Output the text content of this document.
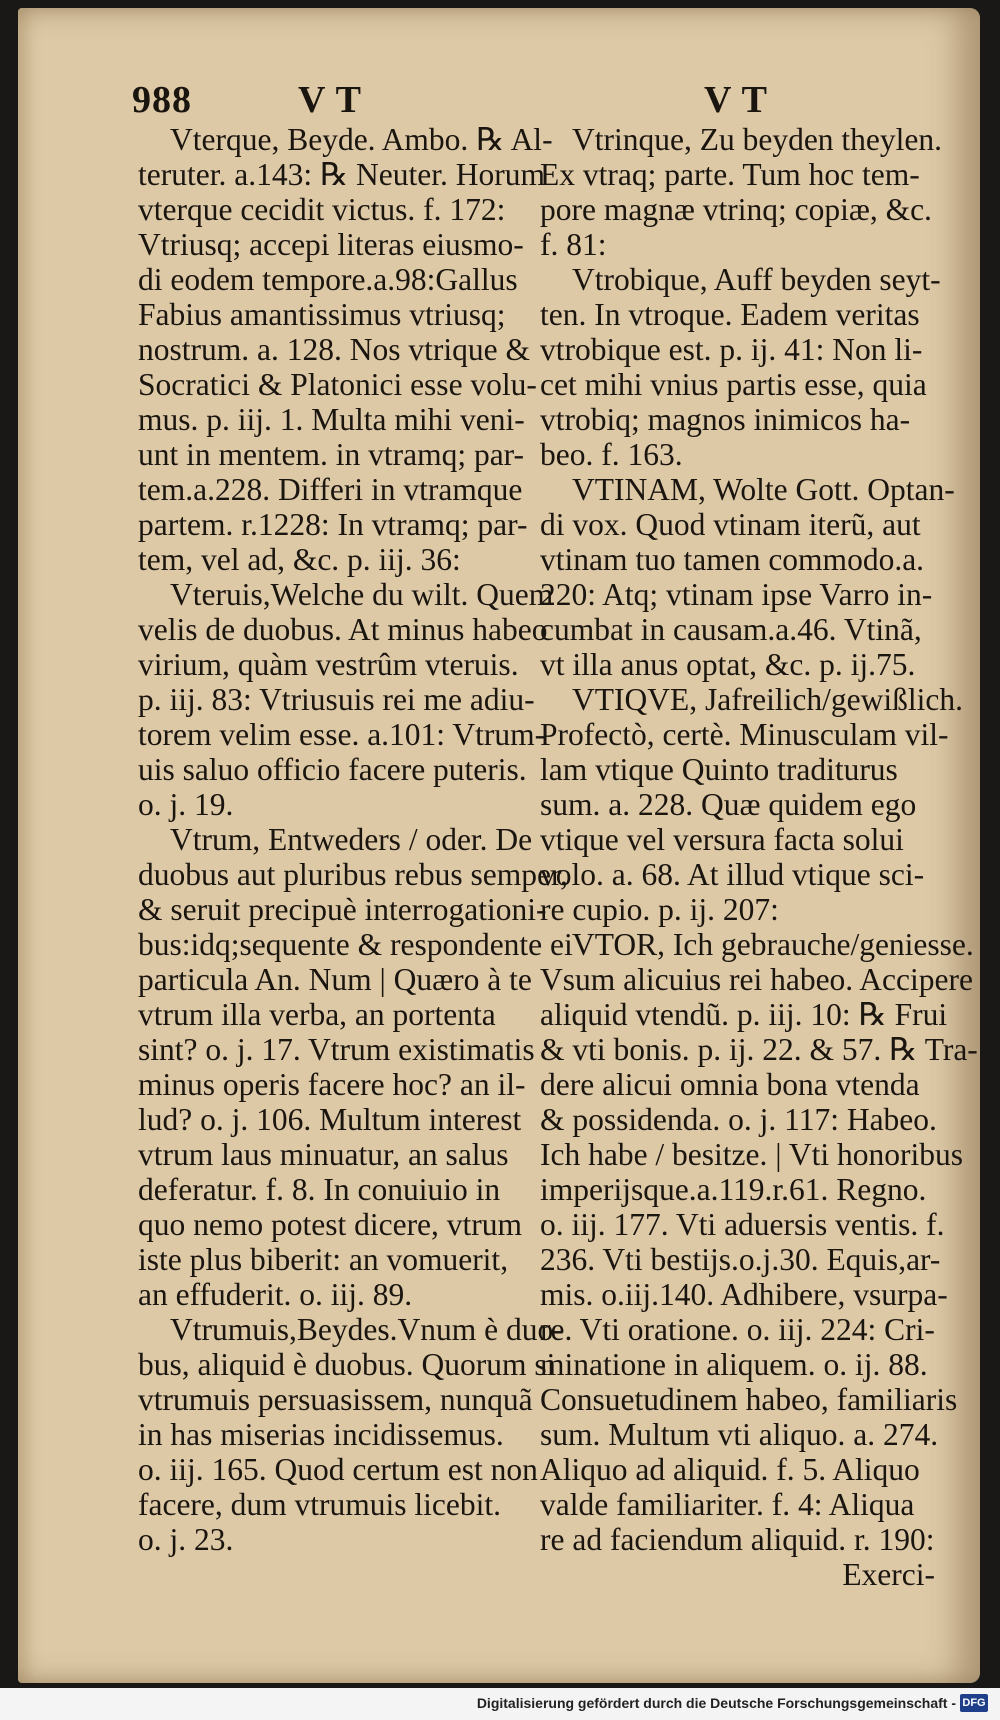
988	V T	V T

Vterque, Beyde. Ambo. ℞ Al-

teruter. a.143: ℞ Neuter. Horum

vterque cecidit victus. f. 172:

Vtriusq; accepi literas eiusmo-

di eodem tempore.a.98:Gallus

Fabius amantissimus vtriusq;

nostrum. a. 128. Nos vtrique &

Socratici & Platonici esse volu-

mus. p. iij. 1. Multa mihi veni-

unt in mentem. in vtramq; par-

tem.a.228. Differi in vtramque

partem. r.1228: In vtramq; par-

tem, vel ad, &c. p. iij. 36:

Vteruis,Welche du wilt. Quem

velis de duobus. At minus habeo

virium, quàm vestrûm vteruis.

p. iij. 83: Vtriusuis rei me adiu-

torem velim esse. a.101: Vtrum-

uis saluo officio facere puteris.

o. j. 19.

Vtrum, Entweders / oder. De

duobus aut pluribus rebus semper,

& seruit precipuè interrogationi-

bus:idq;sequente & respondente ei

particula An. Num | Quæro à te

vtrum illa verba, an portenta

sint? o. j. 17. Vtrum existimatis

minus operis facere hoc? an il-

lud? o. j. 106. Multum interest

vtrum laus minuatur, an salus

deferatur. f. 8. In conuiuio in

quo nemo potest dicere, vtrum

iste plus biberit: an vomuerit,

an effuderit. o. iij. 89.

Vtrumuis,Beydes.Vnum è duo-

bus, aliquid è duobus. Quorum si

vtrumuis persuasissem, nunquã

in has miserias incidissemus.

o. iij. 165. Quod certum est non

facere, dum vtrumuis licebit.

o. j. 23.

Vtrinque, Zu beyden theylen.

Ex vtraq; parte. Tum hoc tem-

pore magnæ vtrinq; copiæ, &c.

f. 81:

Vtrobique, Auff beyden seyt-

ten. In vtroque. Eadem veritas

vtrobique est. p. ij. 41: Non li-

cet mihi vnius partis esse, quia

vtrobiq; magnos inimicos ha-

beo. f. 163.

VTINAM, Wolte Gott. Optan-

di vox. Quod vtinam iterũ, aut

vtinam tuo tamen commodo.a.

220: Atq; vtinam ipse Varro in-

cumbat in causam.a.46. Vtinã,

vt illa anus optat, &c. p. ij.75.

VTIQVE, Jafreilich/gewißlich.

Profectò, certè. Minusculam vil-

lam vtique Quinto traditurus

sum. a. 228. Quæ quidem ego

vtique vel versura facta solui

volo. a. 68. At illud vtique sci-

re cupio. p. ij. 207:

VTOR, Ich gebrauche/geniesse.

Vsum alicuius rei habeo. Accipere

aliquid vtendũ. p. iij. 10: ℞ Frui

& vti bonis. p. ij. 22. & 57. ℞ Tra-

dere alicui omnia bona vtenda

& possidenda. o. j. 117: Habeo.

Ich habe / besitze. | Vti honoribus

imperijsque.a.119.r.61. Regno.

o. iij. 177. Vti aduersis ventis. f.

236. Vti bestijs.o.j.30. Equis,ar-

mis. o.iij.140. Adhibere, vsurpa-

re. Vti oratione. o. iij. 224: Cri-

minatione in aliquem. o. ij. 88.

Consuetudinem habeo, familiaris

sum. Multum vti aliquo. a. 274.

Aliquo ad aliquid. f. 5. Aliquo

valde familiariter. f. 4: Aliqua

re ad faciendum aliquid. r. 190:

Exerci-

Digitalisierung gefördert durch die Deutsche Forschungsgemeinschaft - DFG
